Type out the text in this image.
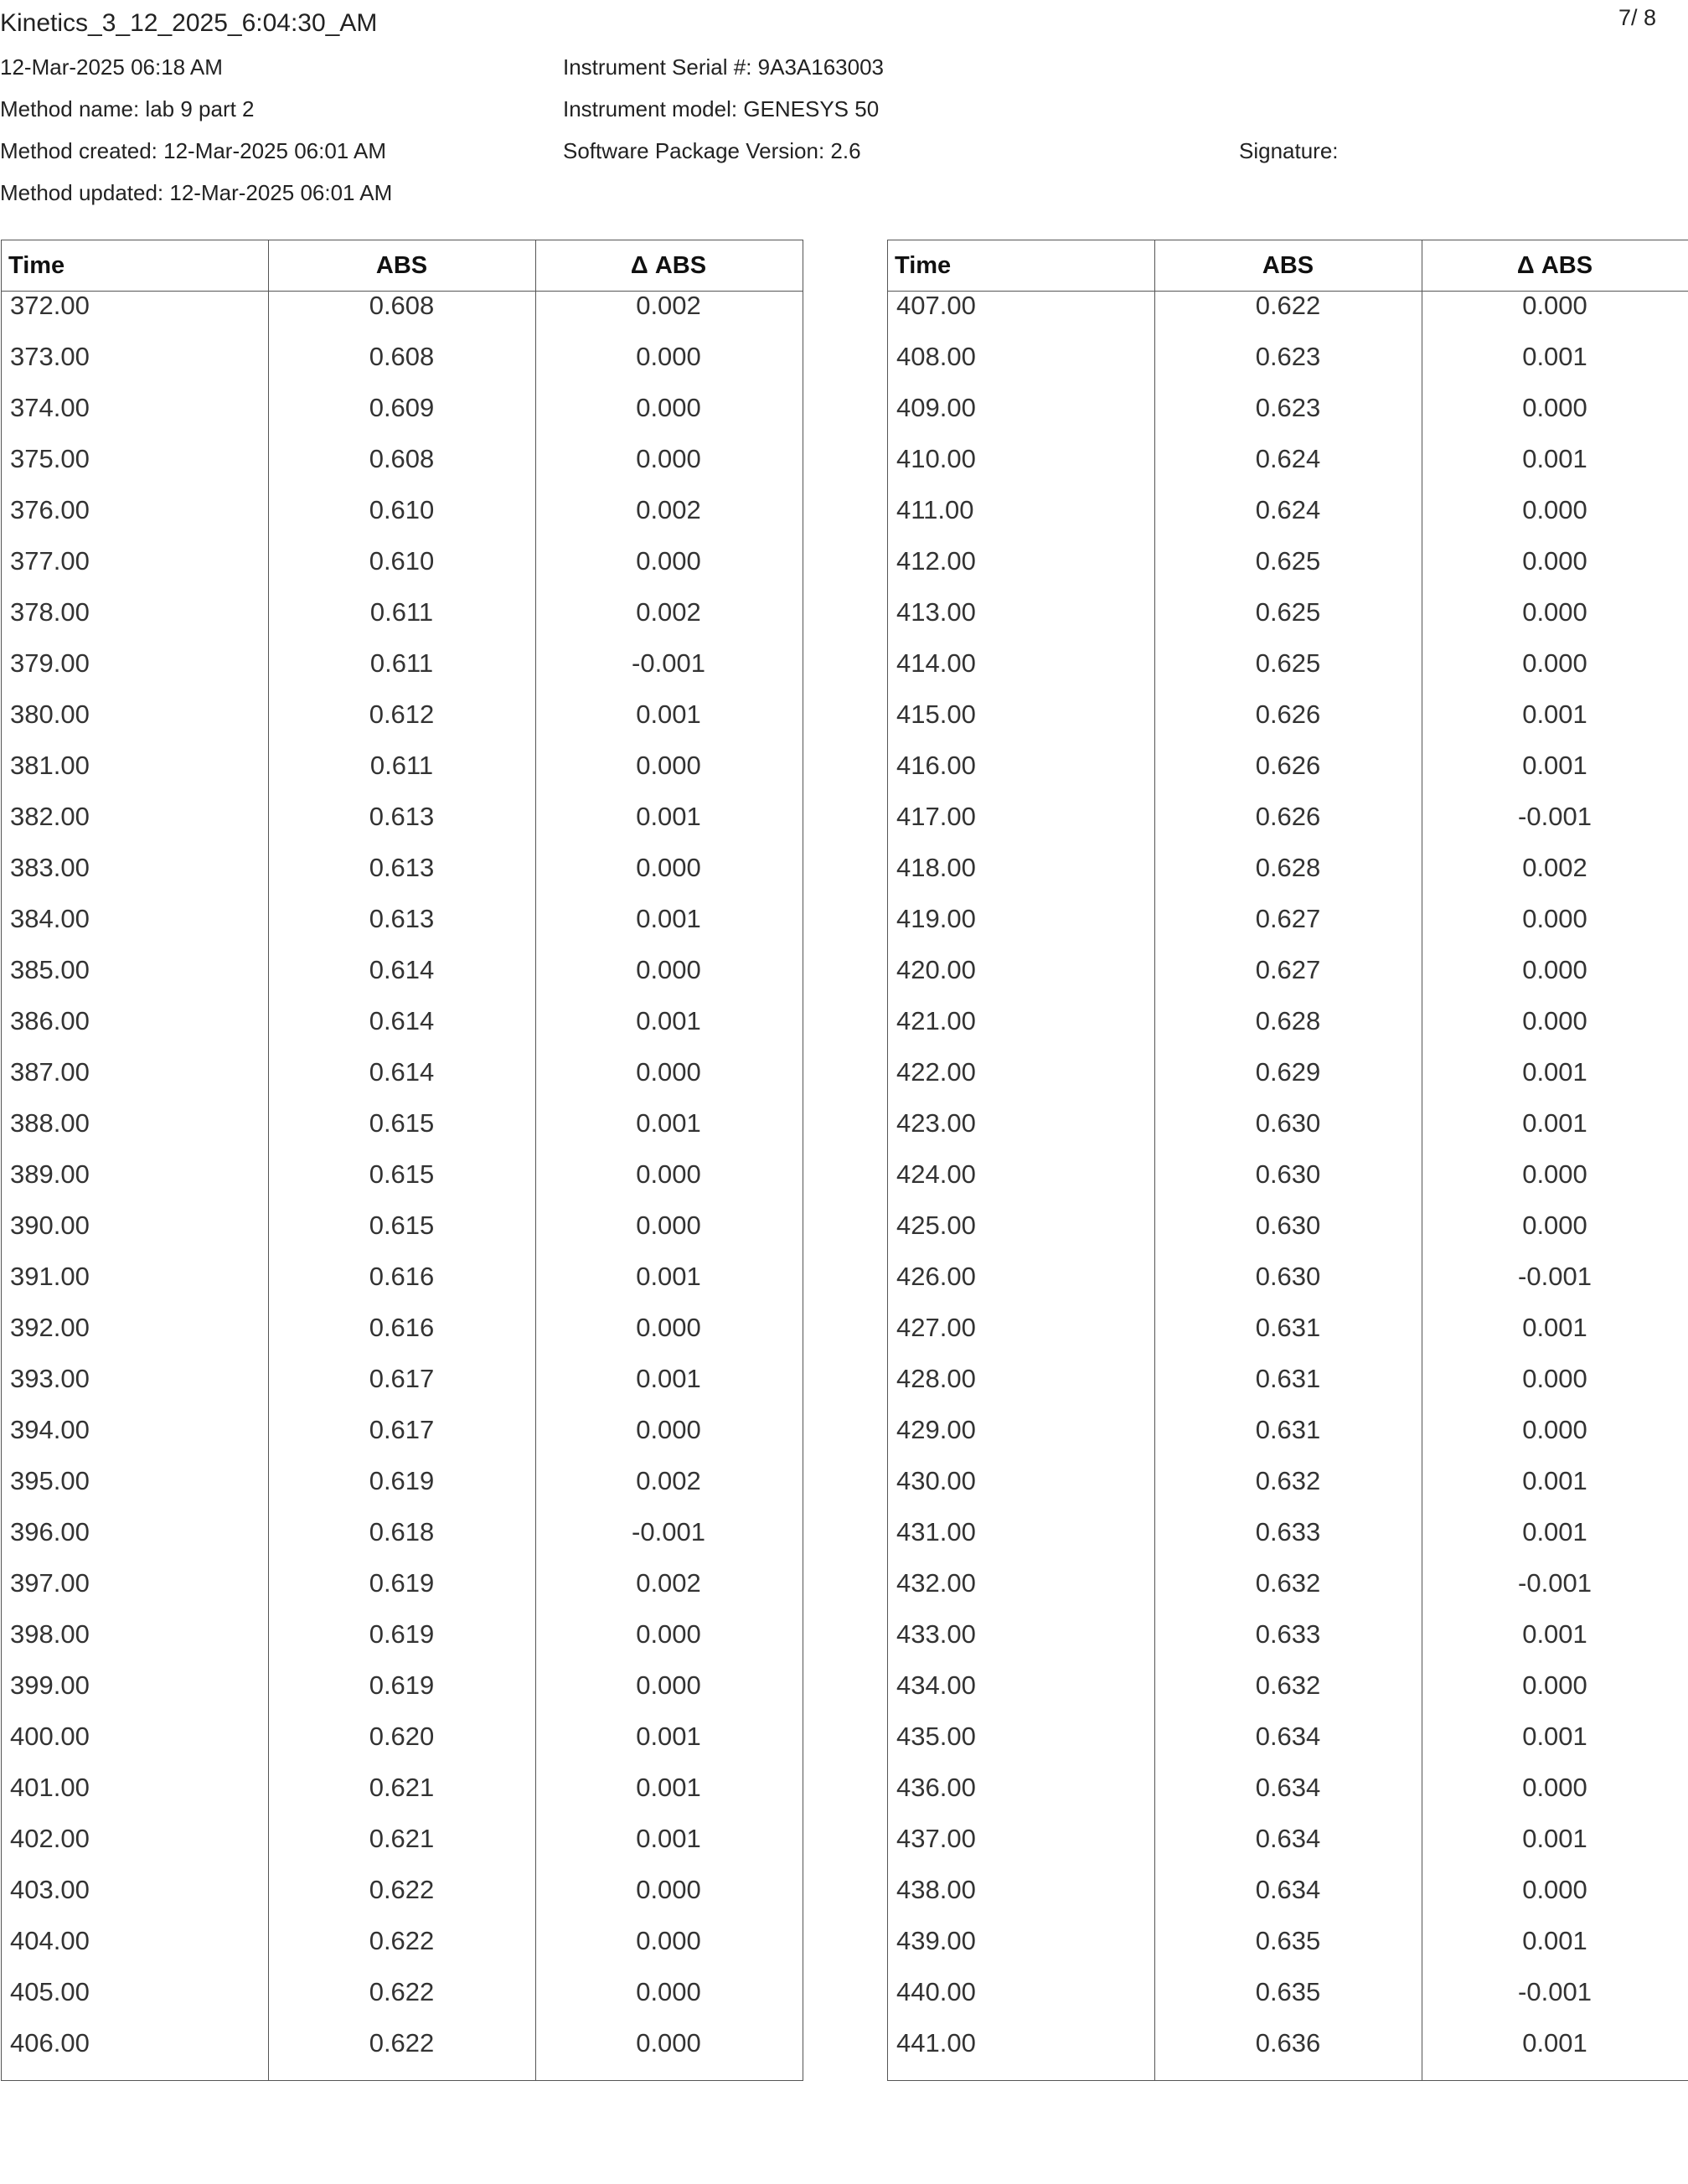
Kinetics_3_12_2025_6:04:30_AM	7/ 8
12-Mar-2025 06:18 AM
Method name: lab 9 part 2
Method created: 12-Mar-2025 06:01 AM
Method updated: 12-Mar-2025 06:01 AM
Instrument Serial #: 9A3A163003
Instrument model: GENESYS 50
Software Package Version: 2.6	Signature:
Time	ABS	Δ ABS
372.00	0.608	0.002
373.00	0.608	0.000
374.00	0.609	0.000
375.00	0.608	0.000
376.00	0.610	0.002
377.00	0.610	0.000
378.00	0.611	0.002
379.00	0.611	-0.001
380.00	0.612	0.001
381.00	0.611	0.000
382.00	0.613	0.001
383.00	0.613	0.000
384.00	0.613	0.001
385.00	0.614	0.000
386.00	0.614	0.001
387.00	0.614	0.000
388.00	0.615	0.001
389.00	0.615	0.000
390.00	0.615	0.000
391.00	0.616	0.001
392.00	0.616	0.000
393.00	0.617	0.001
394.00	0.617	0.000
395.00	0.619	0.002
396.00	0.618	-0.001
397.00	0.619	0.002
398.00	0.619	0.000
399.00	0.619	0.000
400.00	0.620	0.001
401.00	0.621	0.001
402.00	0.621	0.001
403.00	0.622	0.000
404.00	0.622	0.000
405.00	0.622	0.000
406.00	0.622	0.000
Time	ABS	Δ ABS
407.00	0.622	0.000
408.00	0.623	0.001
409.00	0.623	0.000
410.00	0.624	0.001
411.00	0.624	0.000
412.00	0.625	0.000
413.00	0.625	0.000
414.00	0.625	0.000
415.00	0.626	0.001
416.00	0.626	0.001
417.00	0.626	-0.001
418.00	0.628	0.002
419.00	0.627	0.000
420.00	0.627	0.000
421.00	0.628	0.000
422.00	0.629	0.001
423.00	0.630	0.001
424.00	0.630	0.000
425.00	0.630	0.000
426.00	0.630	-0.001
427.00	0.631	0.001
428.00	0.631	0.000
429.00	0.631	0.000
430.00	0.632	0.001
431.00	0.633	0.001
432.00	0.632	-0.001
433.00	0.633	0.001
434.00	0.632	0.000
435.00	0.634	0.001
436.00	0.634	0.000
437.00	0.634	0.001
438.00	0.634	0.000
439.00	0.635	0.001
440.00	0.635	-0.001
441.00	0.636	0.001
